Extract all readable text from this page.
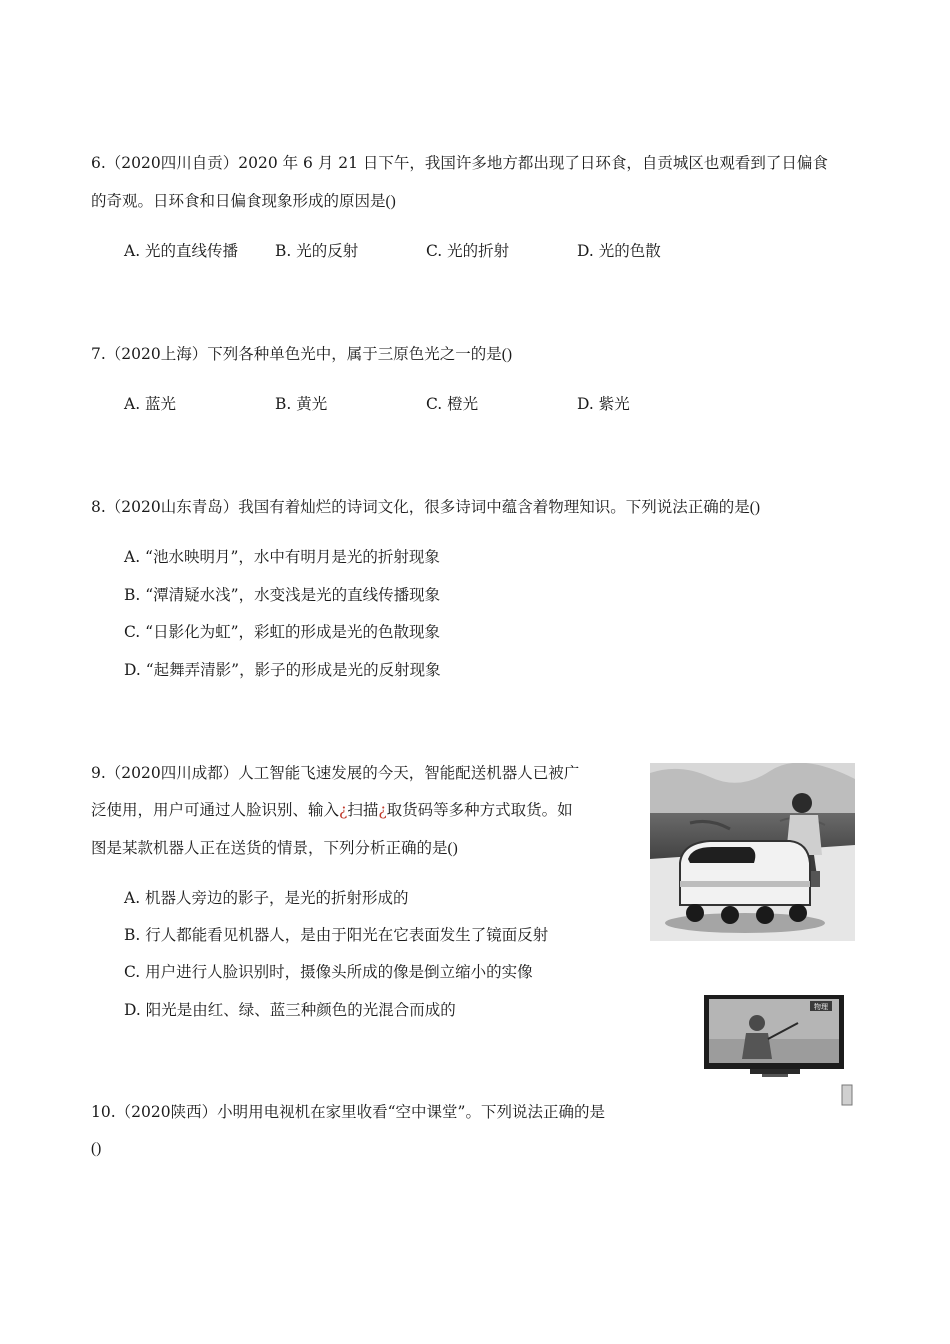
6.（2020四川自贡）2020 年 6 月 21 日下午，我国许多地方都出现了日环食，自贡城区也观看到了日偏食
的奇观。日环食和日偏食现象形成的原因是()
A. 光的直线传播 B. 光的反射	C. 光的折射	D. 光的色散
7.（2020上海）下列各种单色光中，属于三原色光之一的是()
A. 蓝光	B. 黄光	C. 橙光	D. 紫光
8.（2020山东青岛）我国有着灿烂的诗词文化，很多诗词中蕴含着物理知识。下列说法正确的是()
A. “池水映明月”，水中有明月是光的折射现象
B. “潭清疑水浅”，水变浅是光的直线传播现象
C. “日影化为虹”，彩虹的形成是光的色散现象
D. “起舞弄清影”，影子的形成是光的反射现象
9.（2020四川成都）人工智能飞速发展的今天，智能配送机器人已被广
泛使用，用户可通过人脸识别、输入¿扫描¿取货码等多种方式取货。如
图是某款机器人正在送货的情景，下列分析正确的是()
A. 机器人旁边的影子，是光的折射形成的
B. 行人都能看见机器人，是由于阳光在它表面发生了镜面反射
C. 用户进行人脸识别时，摄像头所成的像是倒立缩小的实像
D. 阳光是由红、绿、蓝三种颜色的光混合而成的	物理
10.（2020陕西）小明用电视机在家里收看“空中课堂”。下列说法正确的是
()
